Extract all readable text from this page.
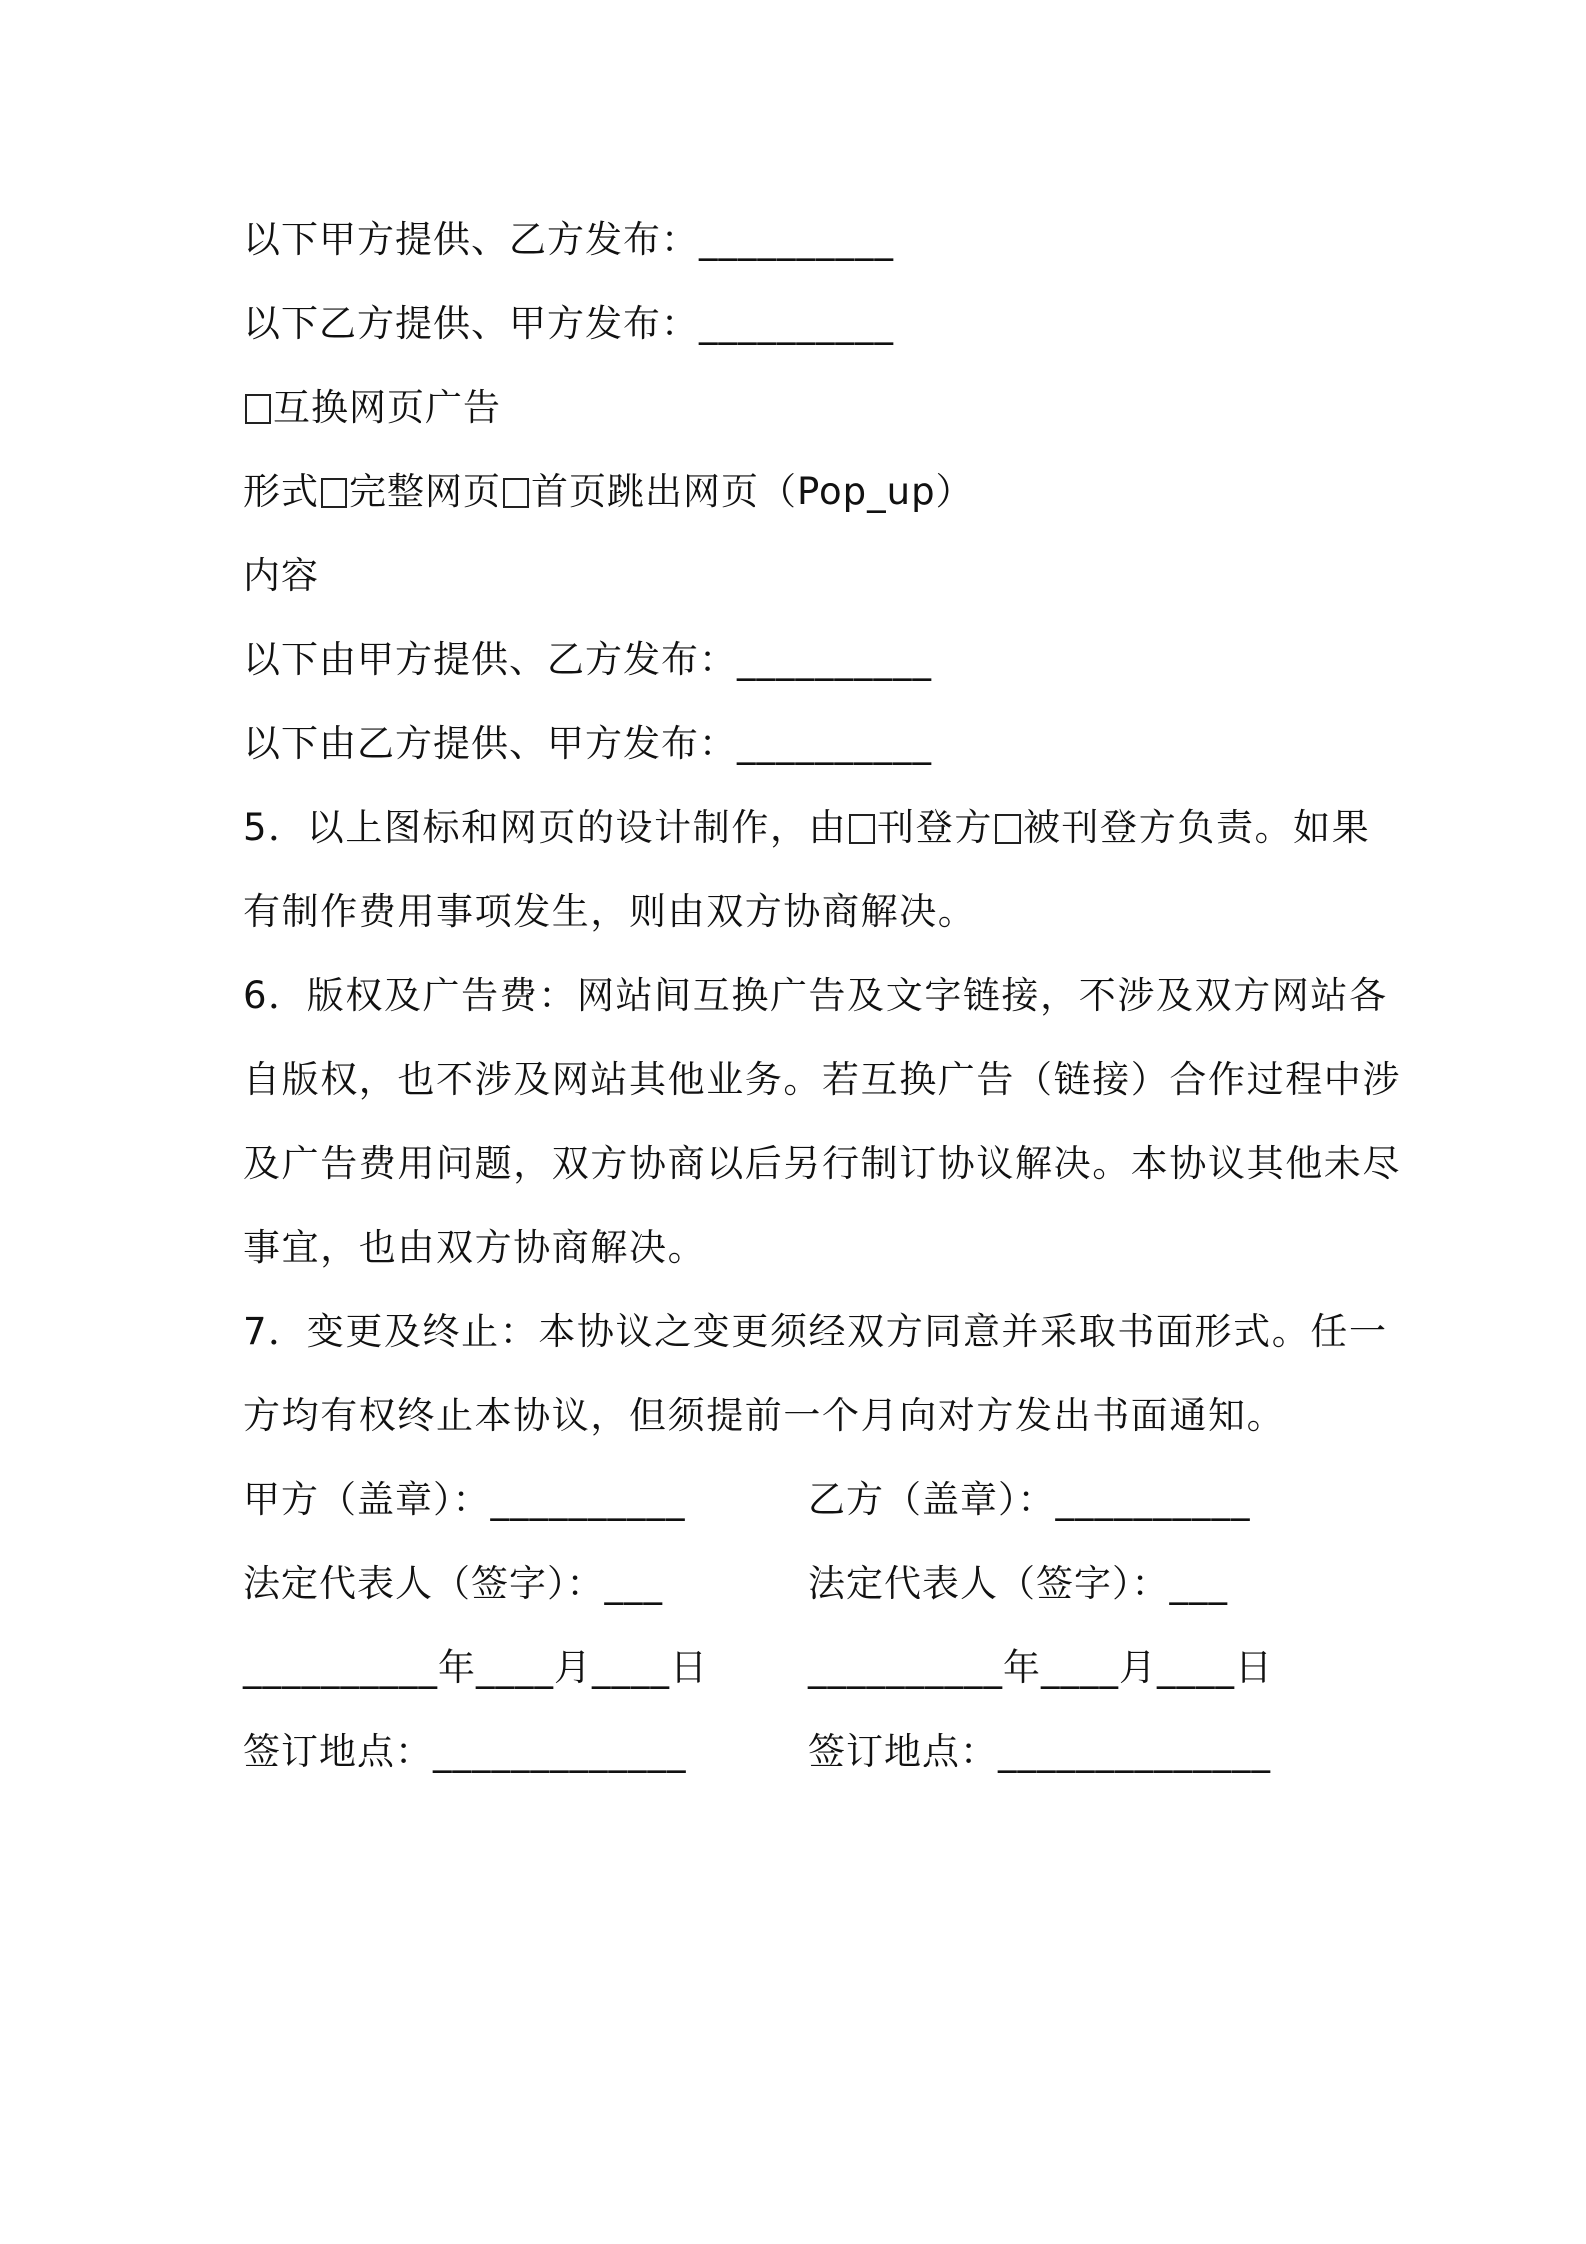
以下甲方提供、乙方发布：__________
以下乙方提供、甲方发布：__________
互换网页广告
形式 完整网页 首页跳出网页（Pop_up）
内容
以下由甲方提供、乙方发布：__________
以下由乙方提供、甲方发布：__________
5．以上图标和网页的设计制作，由 刊登方 被刊登方负责。如果
有制作费用事项发生，则由双方协商解决。
6．版权及广告费：网站间互换广告及文字链接，不涉及双方网站各
自版权，也不涉及网站其他业务。若互换广告（链接）合作过程中涉
及广告费用问题，双方协商以后另行制订协议解决。本协议其他未尽
事宜，也由双方协商解决。
7．变更及终止：本协议之变更须经双方同意并采取书面形式。任一
方均有权终止本协议，但须提前一个月向对方发出书面通知。
甲方（盖章）：__________	乙方（盖章）：__________
法定代表人（签字）：___	法定代表人（签字）：___
__________年____月____日	__________年____月____日
签订地点：_____________	签订地点：______________
